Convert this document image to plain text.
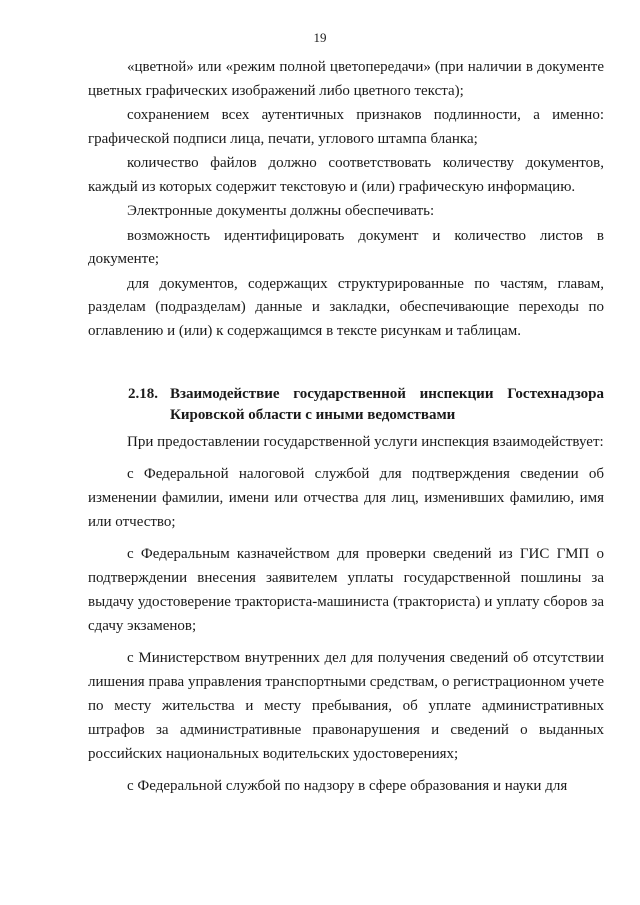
19

«цветной» или «режим полной цветопередачи» (при наличии в документе цветных графических изображений либо цветного текста);

сохранением всех аутентичных признаков подлинности, а именно: графической подписи лица, печати, углового штампа бланка;

количество файлов должно соответствовать количеству документов, каждый из которых содержит текстовую и (или) графическую информацию.

Электронные документы должны обеспечивать:

возможность идентифицировать документ и количество листов в документе;

для документов, содержащих структурированные по частям, главам, разделам (подразделам) данные и закладки, обеспечивающие переходы по оглавлению и (или) к содержащимся в тексте рисункам и таблицам.

2.18. Взаимодействие государственной инспекции Гостехнадзора Кировской области с иными ведомствами

При предоставлении государственной услуги инспекция взаимодействует:

с Федеральной налоговой службой для подтверждения сведении об изменении фамилии, имени или отчества для лиц, изменивших фамилию, имя или отчество;

с Федеральным казначейством для проверки сведений из ГИС ГМП о подтверждении внесения заявителем уплаты государственной пошлины за выдачу удостоверение тракториста-машиниста (тракториста) и уплату сборов за сдачу экзаменов;

с Министерством внутренних дел для получения сведений об отсутствии лишения права управления транспортными средствам, о регистрационном учете по месту жительства и месту пребывания, об уплате административных штрафов за административные правонарушения и сведений о выданных российских национальных водительских удостоверениях;

с Федеральной службой по надзору в сфере образования и науки для
